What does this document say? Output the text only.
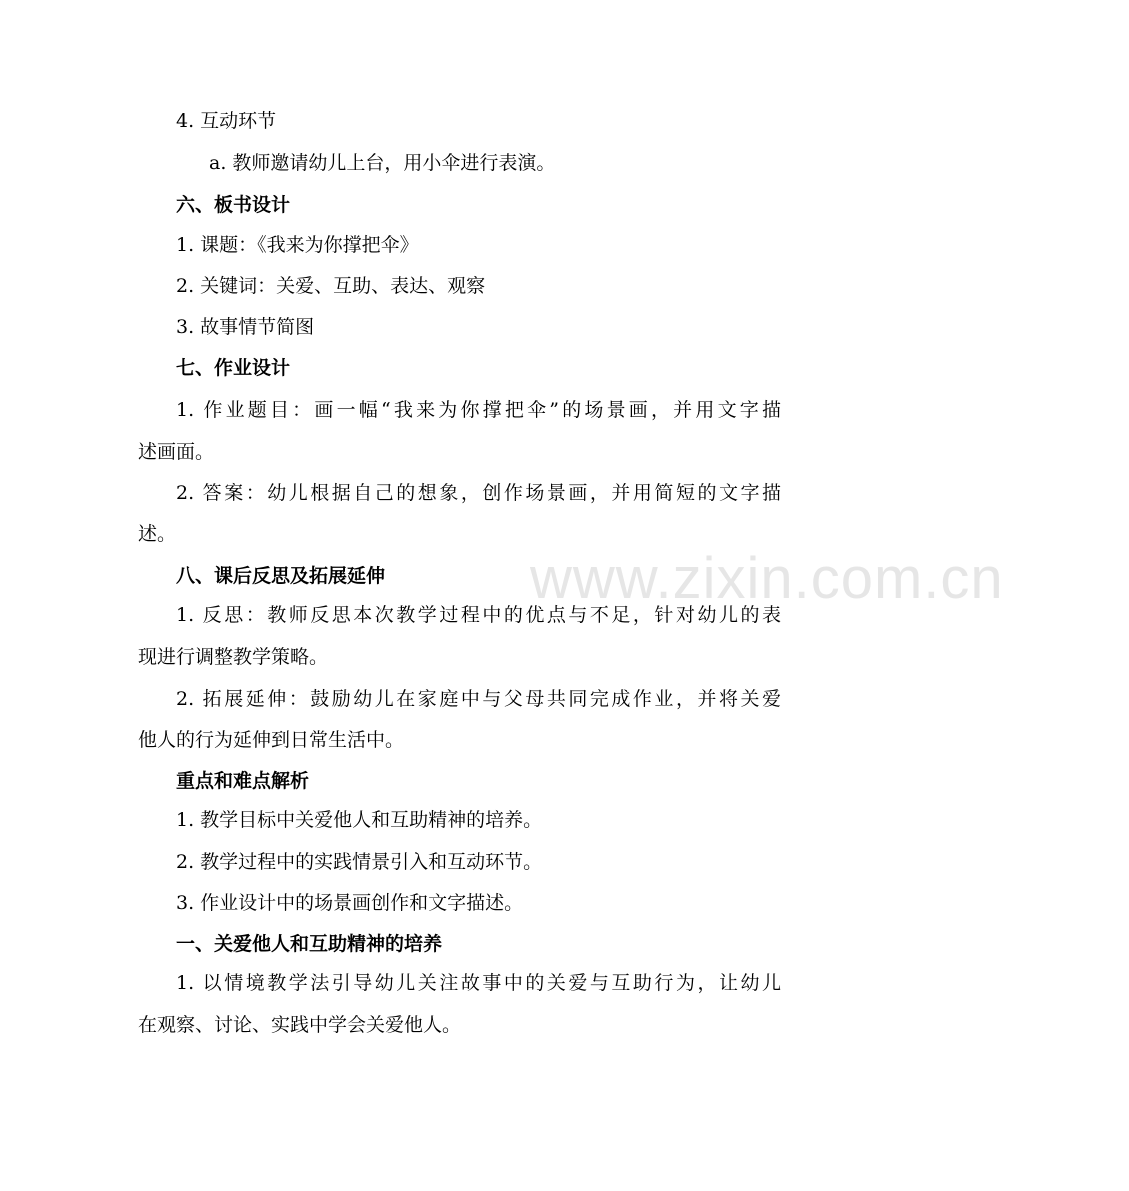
www.zixin.com.cn
4. 互动环节
a. 教师邀请幼儿上台，用小伞进行表演。
六、板书设计
1. 课题：《我来为你撑把伞》
2. 关键词：关爱、互助、表达、观察
3. 故事情节简图
七、作业设计
1. 作业题目：画一幅“我来为你撑把伞”的场景画，并用文字描
述画面。
2. 答案：幼儿根据自己的想象，创作场景画，并用简短的文字描
述。
八、课后反思及拓展延伸
1. 反思：教师反思本次教学过程中的优点与不足，针对幼儿的表
现进行调整教学策略。
2. 拓展延伸：鼓励幼儿在家庭中与父母共同完成作业，并将关爱
他人的行为延伸到日常生活中。
重点和难点解析
1. 教学目标中关爱他人和互助精神的培养。
2. 教学过程中的实践情景引入和互动环节。
3. 作业设计中的场景画创作和文字描述。
一、关爱他人和互助精神的培养
1. 以情境教学法引导幼儿关注故事中的关爱与互助行为，让幼儿
在观察、讨论、实践中学会关爱他人。
